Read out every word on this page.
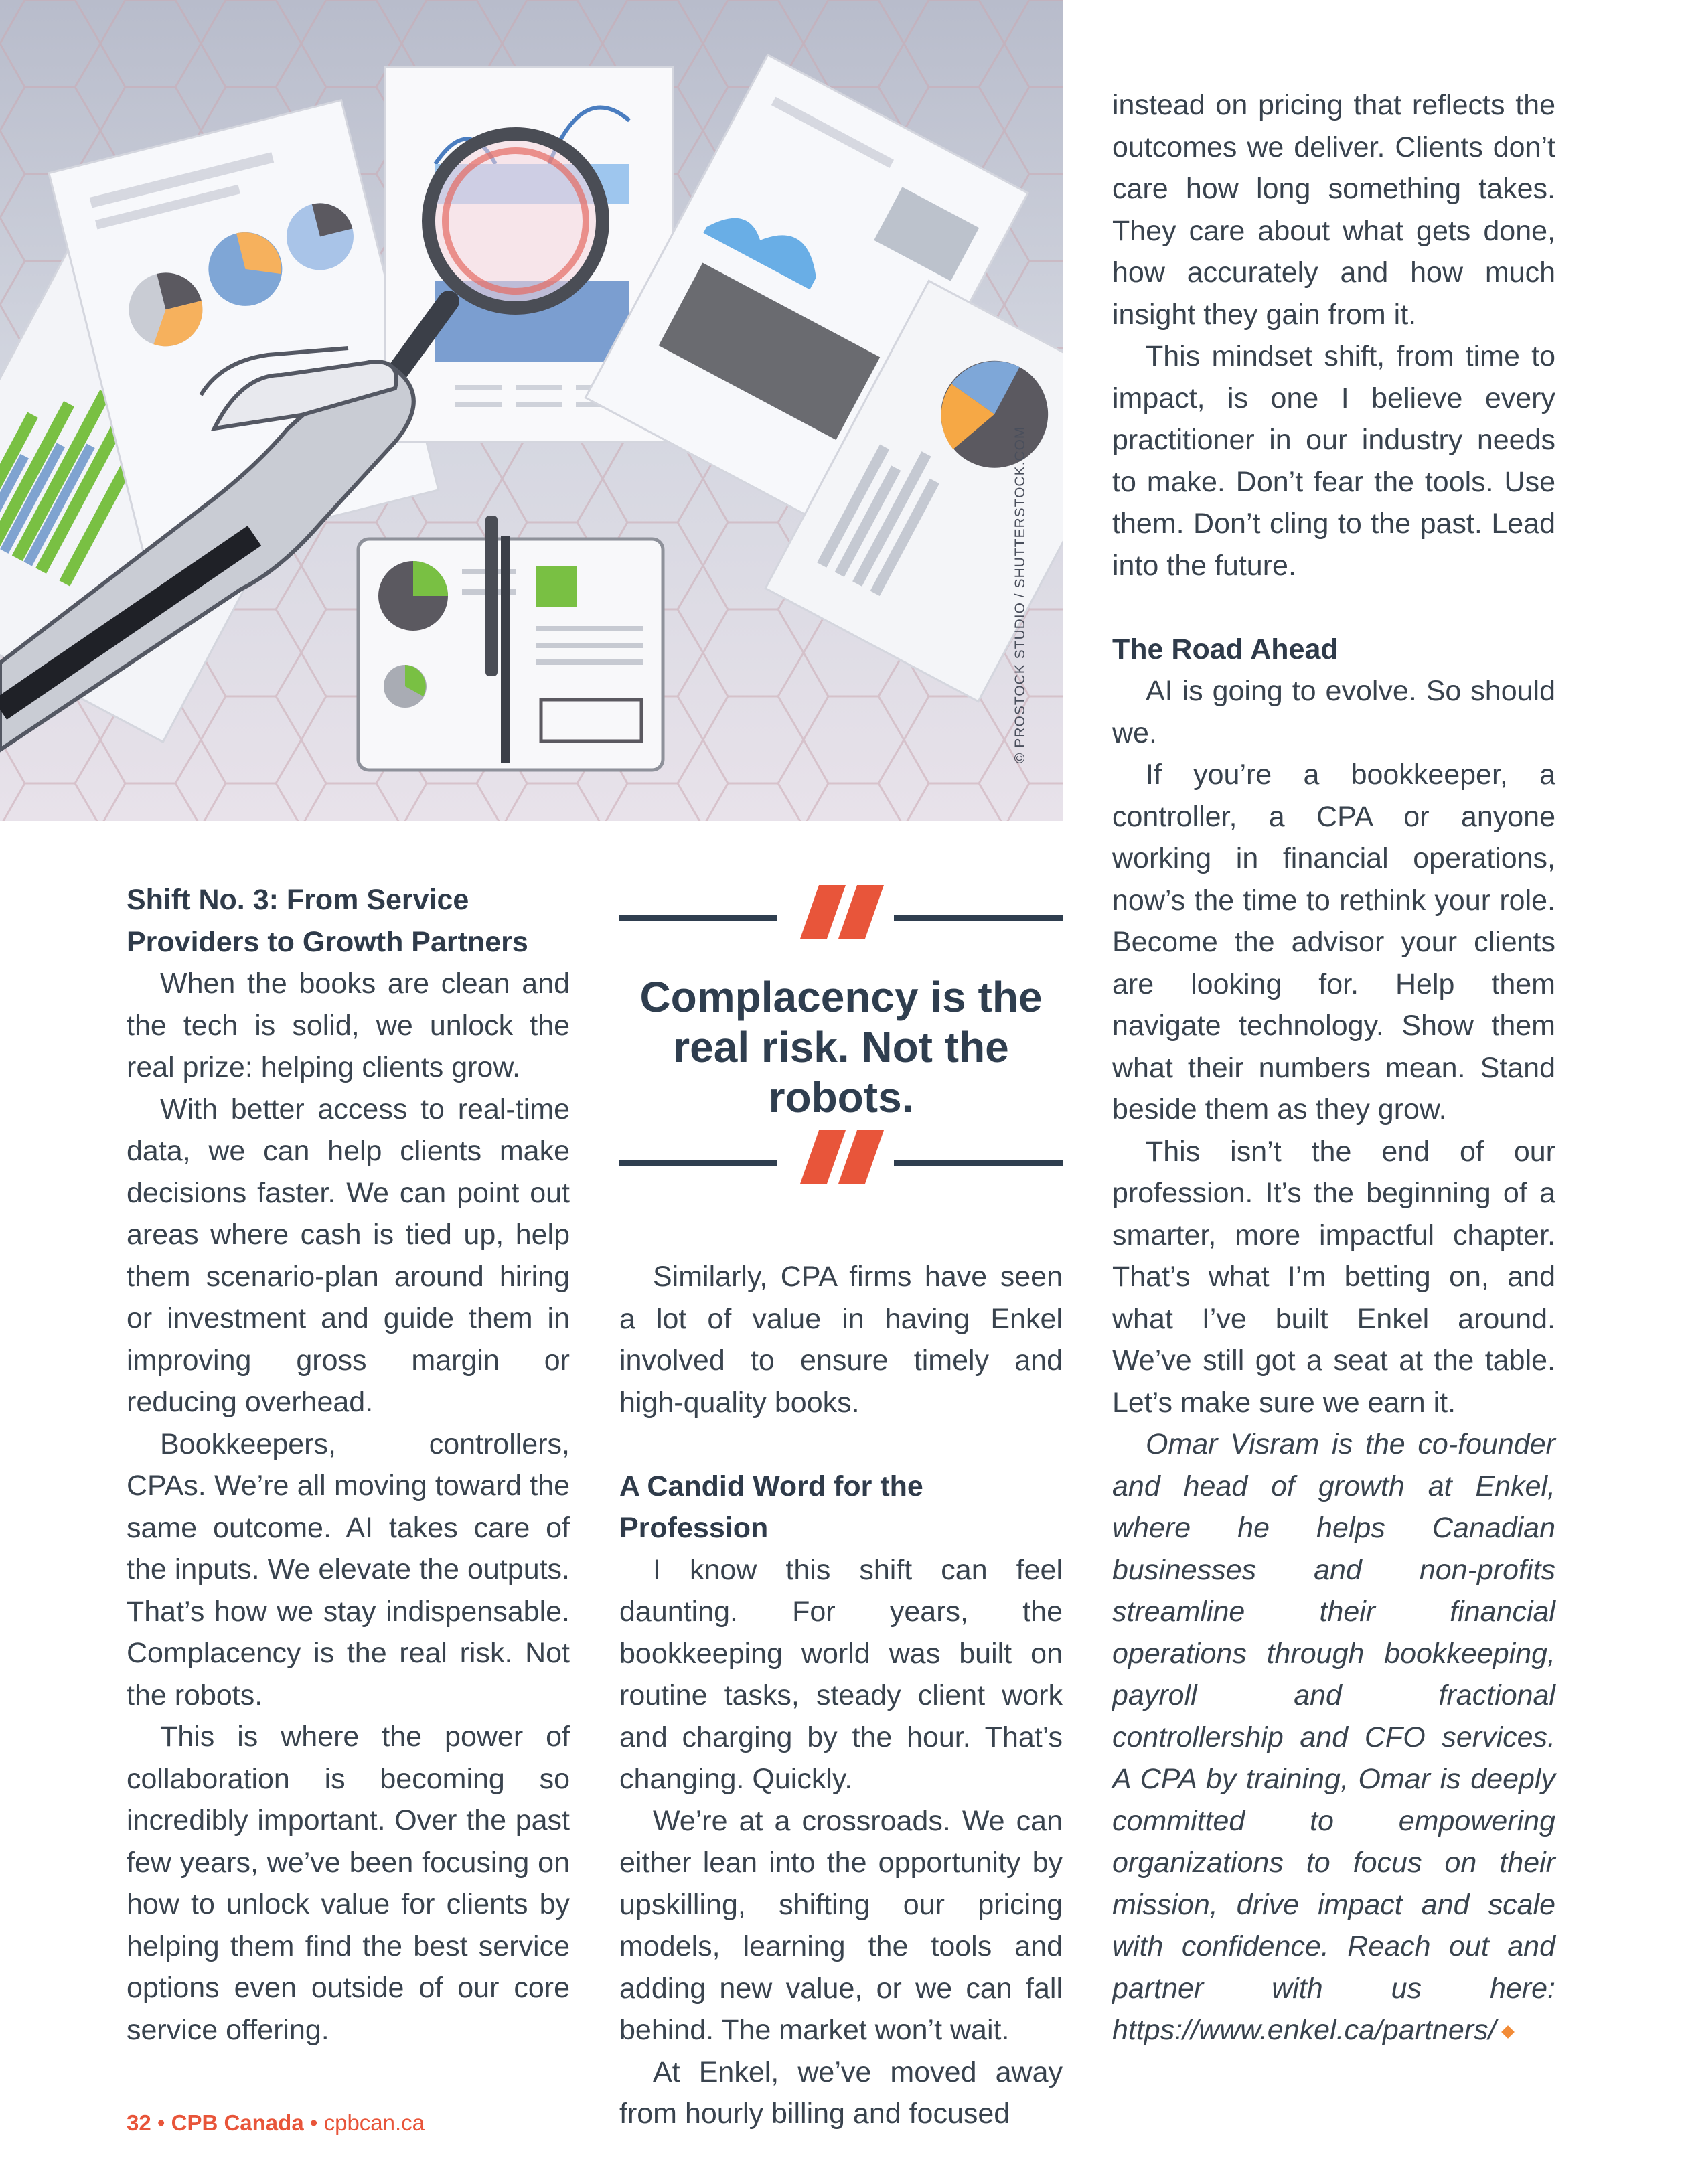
© PROSTOCK STUDIO / SHUTTERSTOCK.COM
Shift No. 3: From Service Providers to Growth Partners

When the books are clean and the tech is solid, we unlock the real prize: helping clients grow.

With better access to real-time data, we can help clients make decisions faster. We can point out areas where cash is tied up, help them scenario-plan around hiring or investment and guide them in improving gross margin or reducing overhead.

Bookkeepers, controllers, CPAs. We’re all moving toward the same outcome. AI takes care of the inputs. We elevate the outputs. That’s how we stay indispensable. Complacency is the real risk. Not the robots.

This is where the power of collaboration is becoming so incredibly important. Over the past few years, we’ve been focusing on how to unlock value for clients by helping them find the best service options even outside of our core service offering.

Complacency is the real risk. Not the robots.

Similarly, CPA firms have seen a lot of value in having Enkel involved to ensure timely and high-quality books.

A Candid Word for the Profession

I know this shift can feel daunting. For years, the bookkeeping world was built on routine tasks, steady client work and charging by the hour. That’s changing. Quickly.

We’re at a crossroads. We can either lean into the opportunity by upskilling, shifting our pricing models, learning the tools and adding new value, or we can fall behind. The market won’t wait.

At Enkel, we’ve moved away from hourly billing and focused

instead on pricing that reflects the outcomes we deliver. Clients don’t care how long something takes. They care about what gets done, how accurately and how much insight they gain from it.

This mindset shift, from time to impact, is one I believe every practitioner in our industry needs to make. Don’t fear the tools. Use them. Don’t cling to the past. Lead into the future.

The Road Ahead

AI is going to evolve. So should we.

If you’re a bookkeeper, a controller, a CPA or anyone working in financial operations, now’s the time to rethink your role. Become the advisor your clients are looking for. Help them navigate technology. Show them what their numbers mean. Stand beside them as they grow.

This isn’t the end of our profession. It’s the beginning of a smarter, more impactful chapter. That’s what I’m betting on, and what I’ve built Enkel around. We’ve still got a seat at the table. Let’s make sure we earn it.

Omar Visram is the co-founder and head of growth at Enkel, where he helps Canadian businesses and non-profits streamline their financial operations through bookkeeping, payroll and fractional controllership and CFO services. A CPA by training, Omar is deeply committed to empowering organizations to focus on their mission, drive impact and scale with confidence. Reach out and partner with us here: https://www.enkel.ca/partners/

32 • CPB Canada • cpbcan.ca
